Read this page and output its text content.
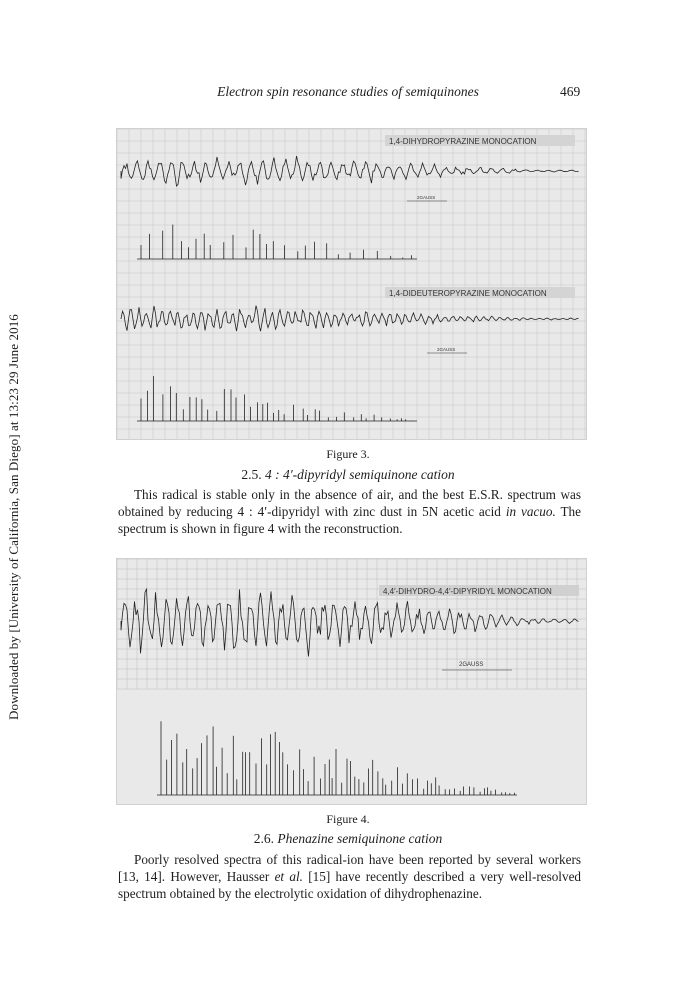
Electron spin resonance studies of semiquinones	469
Downloaded by [University of California, San Diego] at 13:23 29 June 2016
1,4-DIHYDROPYRAZINE MONOCATION
2GAUSS
1,4-DIDEUTEROPYRAZINE MONOCATION
2GAUSS
Figure 3.
2.5. 4 : 4′-dipyridyl semiquinone cation
This radical is stable only in the absence of air, and the best E.S.R. spectrum was obtained by reducing 4 : 4′-dipyridyl with zinc dust in 5N acetic acid in vacuo. The spectrum is shown in figure 4 with the reconstruction.
4,4′-DIHYDRO-4,4′-DIPYRIDYL MONOCATION
2GAUSS
Figure 4.
2.6. Phenazine semiquinone cation
Poorly resolved spectra of this radical-ion have been reported by several workers [13, 14]. However, Hausser et al. [15] have recently described a very well-resolved spectrum obtained by the electrolytic oxidation of dihydrophenazine.
